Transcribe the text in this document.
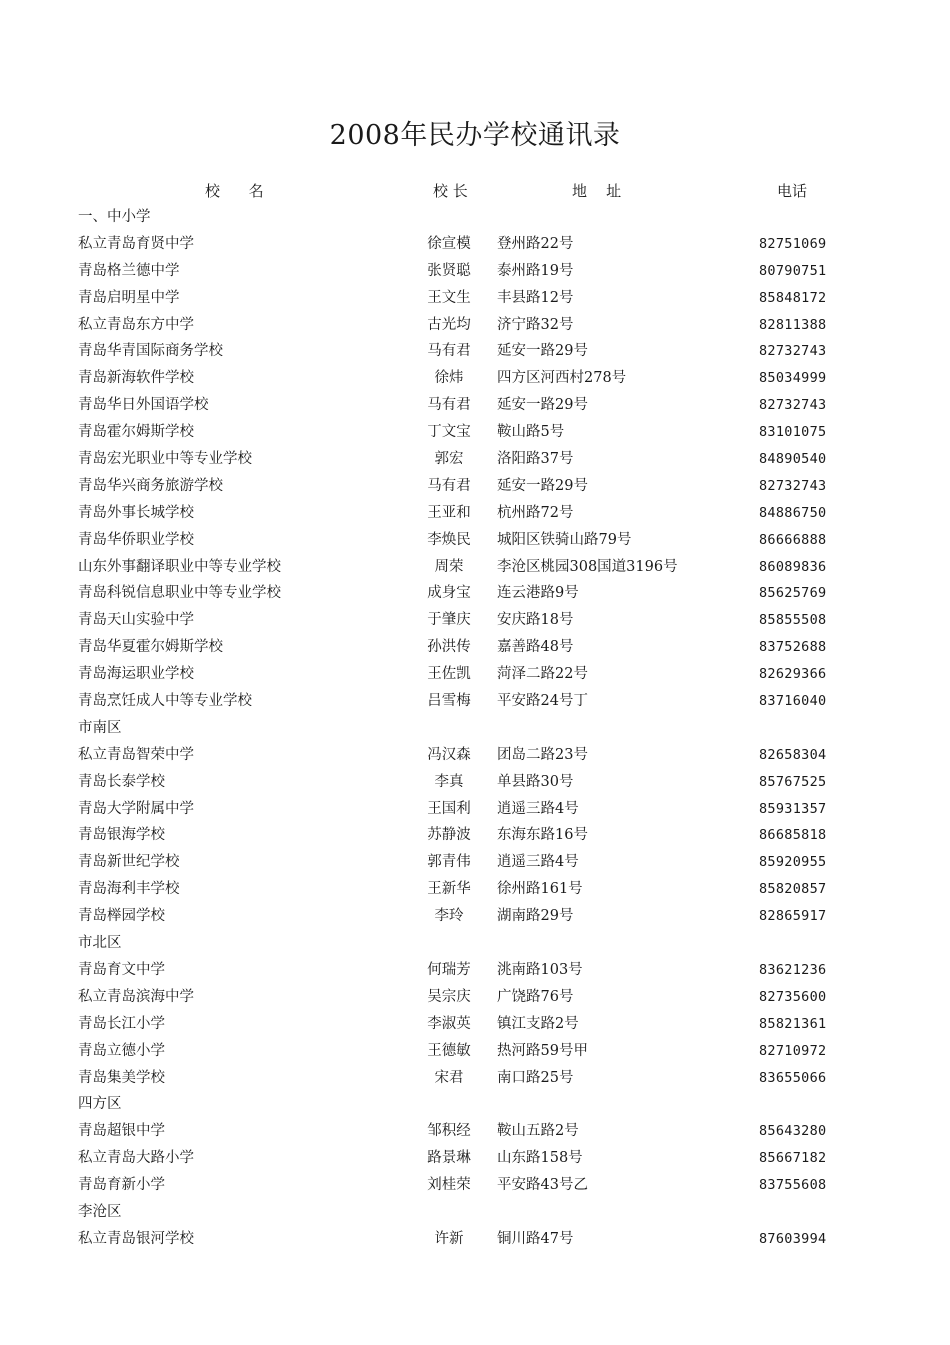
2008年民办学校通讯录
校      名	校 长	地    址	电话
一、中小学
私立青岛育贤中学	徐宣模	登州路22号	82751069
青岛格兰德中学	张贤聪	泰州路19号	80790751
青岛启明星中学	王文生	丰县路12号	85848172
私立青岛东方中学	古光均	济宁路32号	82811388
青岛华青国际商务学校	马有君	延安一路29号	82732743
青岛新海软件学校	徐炜	四方区河西村278号	85034999
青岛华日外国语学校	马有君	延安一路29号	82732743
青岛霍尔姆斯学校	丁文宝	鞍山路5号	83101075
青岛宏光职业中等专业学校	郭宏	洛阳路37号	84890540
青岛华兴商务旅游学校	马有君	延安一路29号	82732743
青岛外事长城学校	王亚和	杭州路72号	84886750
青岛华侨职业学校	李焕民	城阳区铁骑山路79号	86666888
山东外事翻译职业中等专业学校	周荣	李沧区桃园308国道3196号	86089836
青岛科锐信息职业中等专业学校	成身宝	连云港路9号	85625769
青岛天山实验中学	于肇庆	安庆路18号	85855508
青岛华夏霍尔姆斯学校	孙洪传	嘉善路48号	83752688
青岛海运职业学校	王佐凯	菏泽二路22号	82629366
青岛烹饪成人中等专业学校	吕雪梅	平安路24号丁	83716040
市南区
私立青岛智荣中学	冯汉森	团岛二路23号	82658304
青岛长泰学校	李真	单县路30号	85767525
青岛大学附属中学	王国利	逍遥三路4号	85931357
青岛银海学校	苏静波	东海东路16号	86685818
青岛新世纪学校	郭青伟	逍遥三路4号	85920955
青岛海利丰学校	王新华	徐州路161号	85820857
青岛榉园学校	李玲	湖南路29号	82865917
市北区
青岛育文中学	何瑞芳	洮南路103号	83621236
私立青岛滨海中学	吴宗庆	广饶路76号	82735600
青岛长江小学	李淑英	镇江支路2号	85821361
青岛立德小学	王德敏	热河路59号甲	82710972
青岛集美学校	宋君	南口路25号	83655066
四方区
青岛超银中学	邹积经	鞍山五路2号	85643280
私立青岛大路小学	路景琳	山东路158号	85667182
青岛育新小学	刘桂荣	平安路43号乙	83755608
李沧区
私立青岛银河学校	许新	铜川路47号	87603994
